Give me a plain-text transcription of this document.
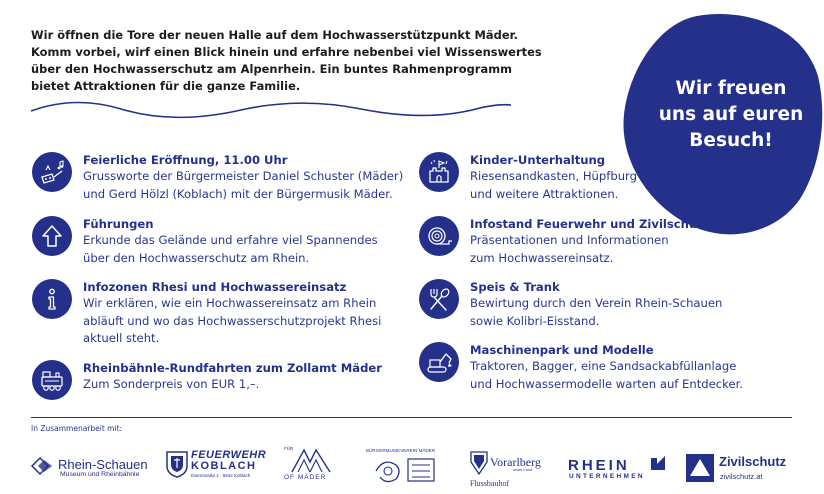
Wir öffnen die Tore der neuen Halle auf dem Hochwasserstützpunkt Mäder.

Komm vorbei, wirf einen Blick hinein und erfahre nebenbei viel Wissenswertes

über den Hochwasserschutz am Alpenrhein. Ein buntes Rahmenprogramm

bietet Attraktionen für die ganze Familie.	Wir freuen
uns auf euren
Besuch!
Feierliche Eröffnung, 11.00 Uhr
Grussworte der Bürgermeister Daniel Schuster (Mäder)
und Gerd Hölzl (Koblach) mit der Bürgermusik Mäder.
Führungen
Erkunde das Gelände und erfahre viel Spannendes
über den Hochwasserschutz am Rhein.
Infozonen Rhesi und Hochwassereinsatz
Wir erklären, wie ein Hochwassereinsatz am Rhein
abläuft und wo das Hochwasserschutzprojekt Rhesi
aktuell steht.
Rheinbähnle-Rundfahrten zum Zollamt Mäder
Zum Sonderpreis von EUR 1,–.
Kinder-Unterhaltung
Riesensandkasten, Hüpfburg
und weitere Attraktionen.
Infostand Feuerwehr und Zivilschutz
Präsentationen und Informationen
zum Hochwassereinsatz.
Speis & Trank
Bewirtung durch den Verein Rhein-Schauen
sowie Kolibri-Eisstand.
Maschinenpark und Modelle
Traktoren, Bagger, eine Sandsackabfüllanlage
und Hochwassermodelle warten auf Entdecker.
In Zusammenarbeit mit:
Rhein-Schauen
Museum und Rheinbähnle
FEUERWEHR
KOBLACH
Eisenstraße 1 · 6842 Koblach
FÜR
OF MÄDER
BÜRGERMUSIKVEREIN MÄDER
Vorarlberg
unser Land
Flussbauhof
RHEIN
UNTERNEHMEN
Zivilschutz
zivilschutz.at
